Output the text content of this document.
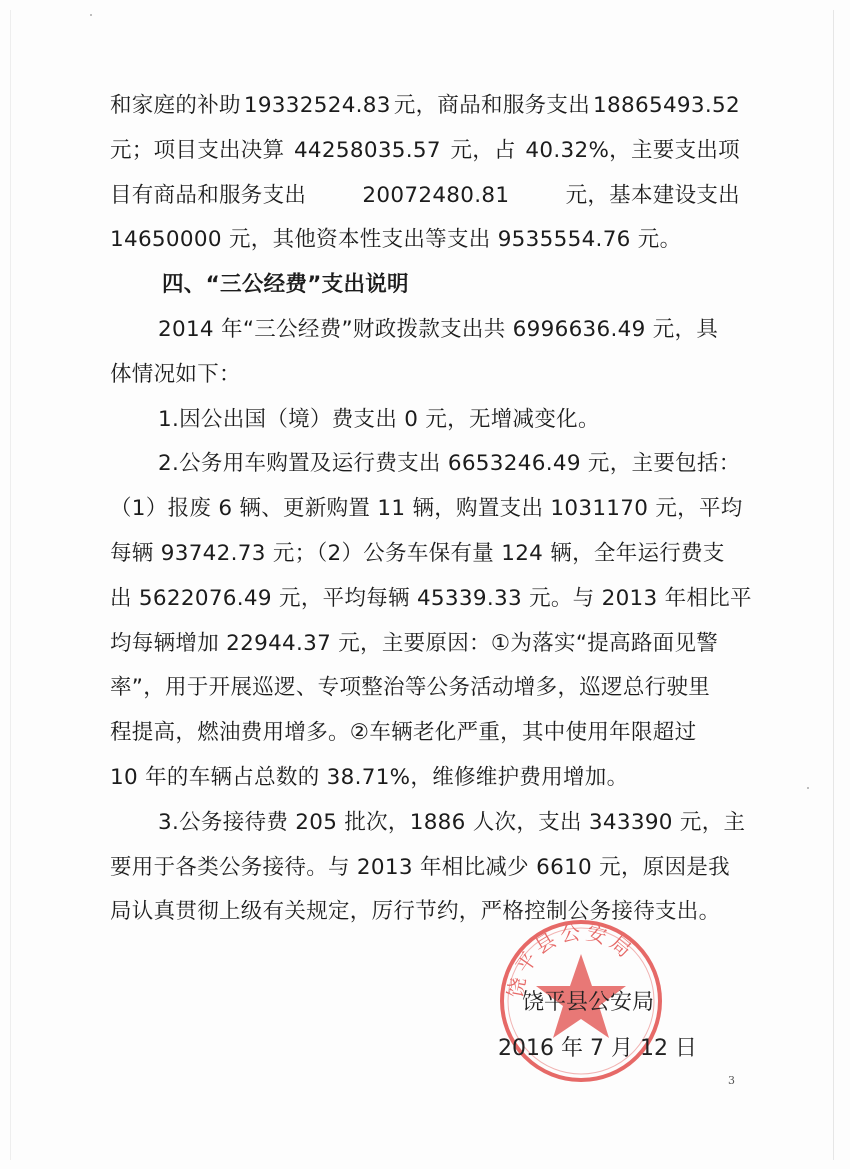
和家庭的补助 19332524.83 元，商品和服务支出 18865493.52
元；项目支出决算 44258035.57 元，占 40.32%，主要支出项
目有商品和服务支出	20072480.81	元，基本建设支出
14650000 元，其他资本性支出等支出 9535554.76 元。
四、“三公经费”支出说明
2014 年“三公经费”财政拨款支出共 6996636.49 元，具
体情况如下：
1.因公出国（境）费支出 0 元，无增减变化。
2.公务用车购置及运行费支出 6653246.49 元，主要包括：
（1）报废 6 辆、更新购置 11 辆，购置支出 1031170 元，平均
每辆 93742.73 元；（2）公务车保有量 124 辆，全年运行费支
出 5622076.49 元，平均每辆 45339.33 元。与 2013 年相比平
均每辆增加 22944.37 元，主要原因：①为落实“提高路面见警
率”，用于开展巡逻、专项整治等公务活动增多，巡逻总行驶里
程提高，燃油费用增多。②车辆老化严重，其中使用年限超过
10 年的车辆占总数的 38.71%，维修维护费用增加。
3.公务接待费 205 批次，1886 人次，支出 343390 元，主
要用于各类公务接待。与 2013 年相比减少 6610 元，原因是我
局认真贯彻上级有关规定，厉行节约，严格控制公务接待支出。
饶平县公安局
饶平县公安局
2016 年 7 月 12 日
3
